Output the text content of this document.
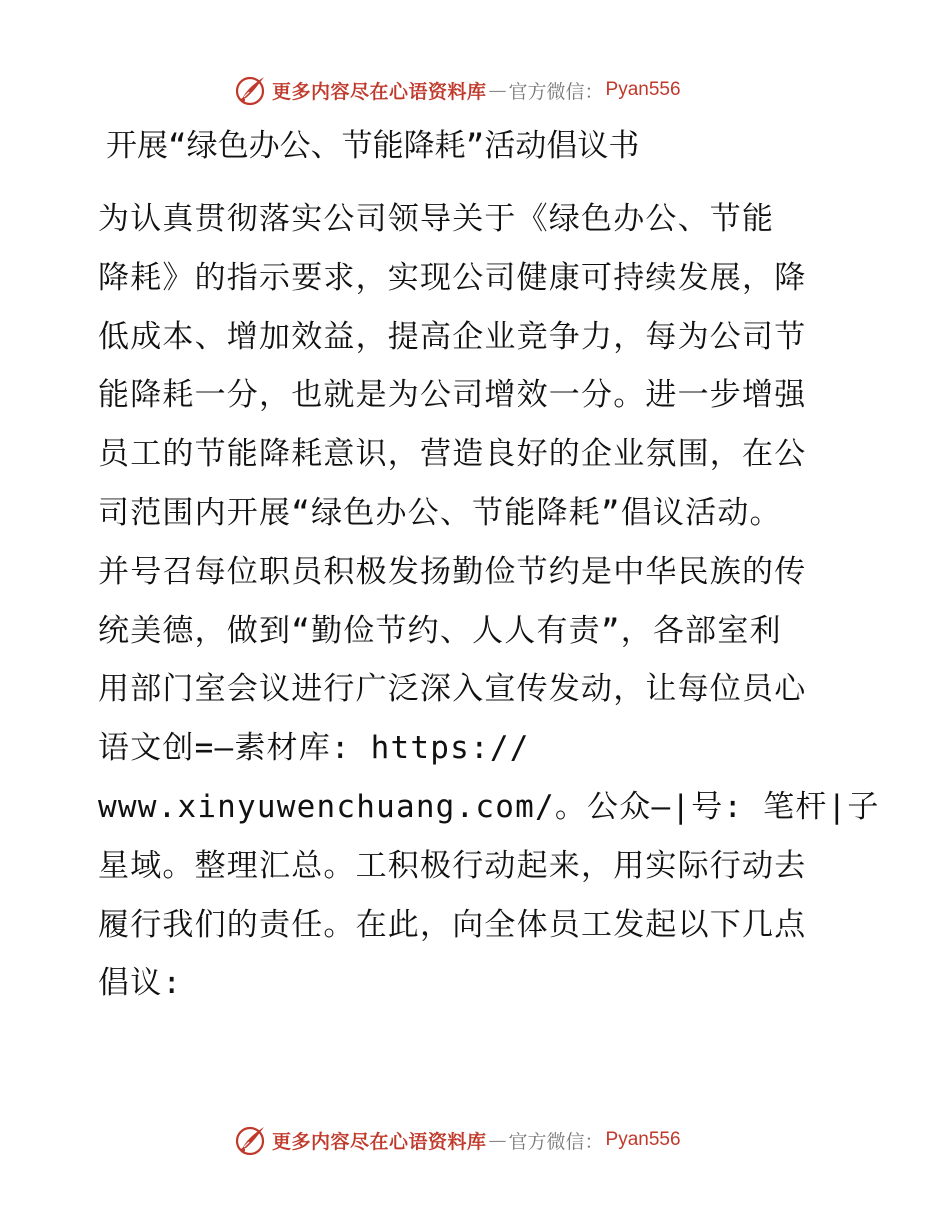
更多内容尽在心语资料库 — 官方微信： Pyan556
开展“绿色办公、节能降耗”活动倡议书
为认真贯彻落实公司领导关于《绿色办公、节能
降耗》的指示要求，实现公司健康可持续发展，降
低成本、增加效益，提高企业竞争力，每为公司节
能降耗一分，也就是为公司增效一分。进一步增强
员工的节能降耗意识，营造良好的企业氛围，在公
司范围内开展“绿色办公、节能降耗”倡议活动。
并号召每位职员积极发扬勤俭节约是中华民族的传
统美德，做到“勤俭节约、人人有责”，各部室利
用部门室会议进行广泛深入宣传发动，让每位员心
语文创=—素材库: https://
www.xinyuwenchuang.com/。公众—|号: 笔杆|子
星域。整理汇总。工积极行动起来，用实际行动去
履行我们的责任。在此，向全体员工发起以下几点
倡议:
更多内容尽在心语资料库 — 官方微信： Pyan556
